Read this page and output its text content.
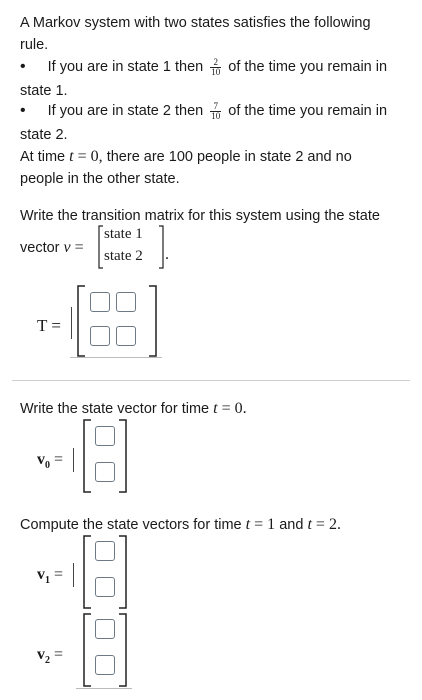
A Markov system with two states satisfies the following
rule.
• If you are in state 1 then $\frac{2}{10}$ of the time you remain in
state 1.
• If you are in state 2 then $\frac{7}{10}$ of the time you remain in
state 2.
At time t = 0, there are 100 people in state 2 and no
people in the other state.
Write the transition matrix for this system using the state
vector v =
state 1
state 2 .
T =
Write the state vector for time t = 0.
$v_0$ =
Compute the state vectors for time t = 1 and t = 2.
$v_1$ =
$v_2$ =
